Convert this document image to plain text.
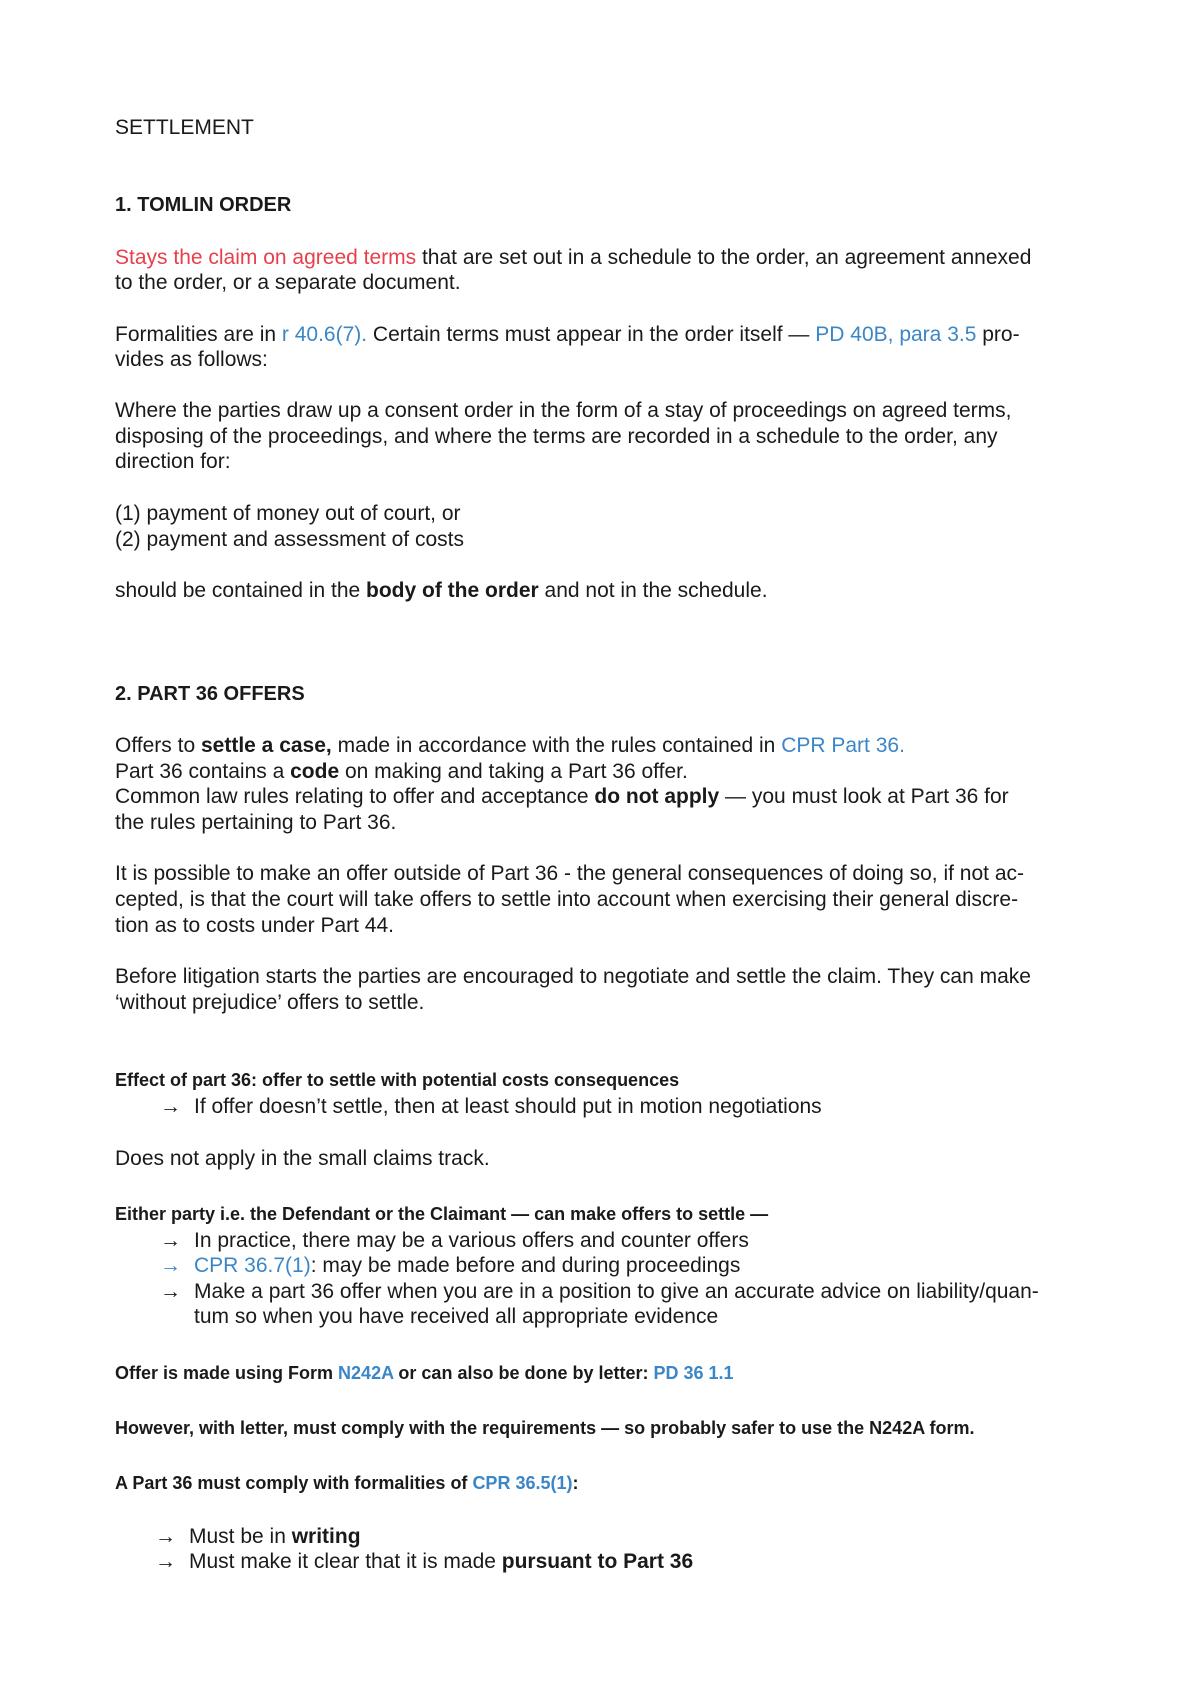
SETTLEMENT
1. TOMLIN ORDER
Stays the claim on agreed terms that are set out in a schedule to the order, an agreement annexed
to the order, or a separate document.
Formalities are in r 40.6(7). Certain terms must appear in the order itself — PD 40B, para 3.5 pro-
vides as follows:
Where the parties draw up a consent order in the form of a stay of proceedings on agreed terms,
disposing of the proceedings, and where the terms are recorded in a schedule to the order, any
direction for:
(1) payment of money out of court, or
(2) payment and assessment of costs
should be contained in the body of the order and not in the schedule.
2. PART 36 OFFERS
Offers to settle a case, made in accordance with the rules contained in CPR Part 36.
Part 36 contains a code on making and taking a Part 36 offer.
Common law rules relating to offer and acceptance do not apply — you must look at Part 36 for
the rules pertaining to Part 36.
It is possible to make an offer outside of Part 36 - the general consequences of doing so, if not ac-
cepted, is that the court will take offers to settle into account when exercising their general discre-
tion as to costs under Part 44.
Before litigation starts the parties are encouraged to negotiate and settle the claim. They can make
‘without prejudice’ offers to settle.
Effect of part 36: offer to settle with potential costs consequences
→ If offer doesn’t settle, then at least should put in motion negotiations
Does not apply in the small claims track.
Either party i.e. the Defendant or the Claimant — can make offers to settle —
→ In practice, there may be a various offers and counter offers
→ CPR 36.7(1): may be made before and during proceedings
→ Make a part 36 offer when you are in a position to give an accurate advice on liability/quan-
tum so when you have received all appropriate evidence
Offer is made using Form N242A or can also be done by letter: PD 36 1.1
However, with letter, must comply with the requirements — so probably safer to use the N242A form.
A Part 36 must comply with formalities of CPR 36.5(1):
→ Must be in writing
→ Must make it clear that it is made pursuant to Part 36
